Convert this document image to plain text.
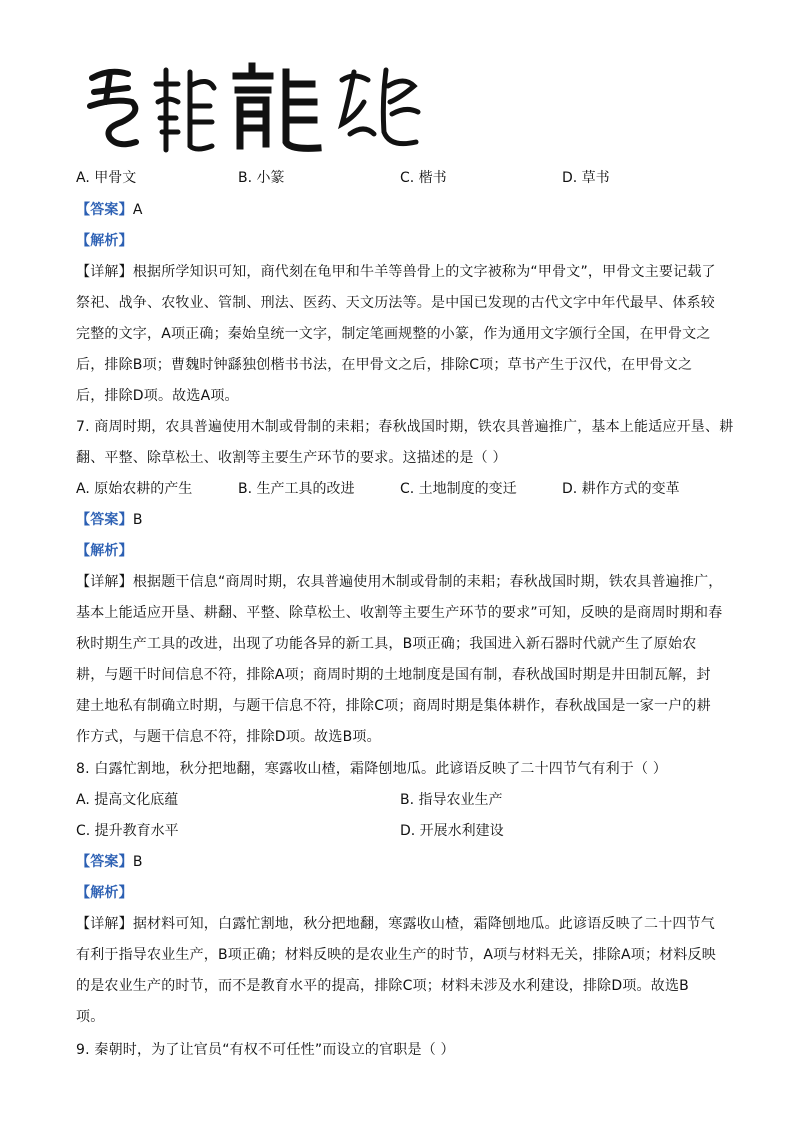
A. 甲骨文	B. 小篆	C. 楷书	D. 草书
【答案】A
【解析】
【详解】根据所学知识可知，商代刻在龟甲和牛羊等兽骨上的文字被称为“甲骨文”，甲骨文主要记载了
祭祀、战争、农牧业、管制、刑法、医药、天文历法等。是中国已发现的古代文字中年代最早、体系较
完整的文字，A项正确；秦始皇统一文字，制定笔画规整的小篆，作为通用文字颁行全国，在甲骨文之
后，排除B项；曹魏时钟繇独创楷书书法，在甲骨文之后，排除C项；草书产生于汉代，在甲骨文之
后，排除D项。故选A项。
7. 商周时期，农具普遍使用木制或骨制的耒耜；春秋战国时期，铁农具普遍推广，基本上能适应开垦、耕
翻、平整、除草松土、收割等主要生产环节的要求。这描述的是（ ）
A. 原始农耕的产生	B. 生产工具的改进	C. 土地制度的变迁	D. 耕作方式的变革
【答案】B
【解析】
【详解】根据题干信息“商周时期，农具普遍使用木制或骨制的耒耜；春秋战国时期，铁农具普遍推广，
基本上能适应开垦、耕翻、平整、除草松土、收割等主要生产环节的要求”可知，反映的是商周时期和春
秋时期生产工具的改进，出现了功能各异的新工具，B项正确；我国进入新石器时代就产生了原始农
耕，与题干时间信息不符，排除A项；商周时期的土地制度是国有制，春秋战国时期是井田制瓦解，封
建土地私有制确立时期，与题干信息不符，排除C项；商周时期是集体耕作，春秋战国是一家一户的耕
作方式，与题干信息不符，排除D项。故选B项。
8. 白露忙割地，秋分把地翻，寒露收山楂，霜降刨地瓜。此谚语反映了二十四节气有利于（ ）
A. 提高文化底蕴	B. 指导农业生产
C. 提升教育水平	D. 开展水利建设
【答案】B
【解析】
【详解】据材料可知，白露忙割地，秋分把地翻，寒露收山楂，霜降刨地瓜。此谚语反映了二十四节气
有利于指导农业生产，B项正确；材料反映的是农业生产的时节，A项与材料无关，排除A项；材料反映
的是农业生产的时节，而不是教育水平的提高，排除C项；材料未涉及水利建设，排除D项。故选B
项。
9. 秦朝时，为了让官员“有权不可任性”而设立的官职是（ ）
